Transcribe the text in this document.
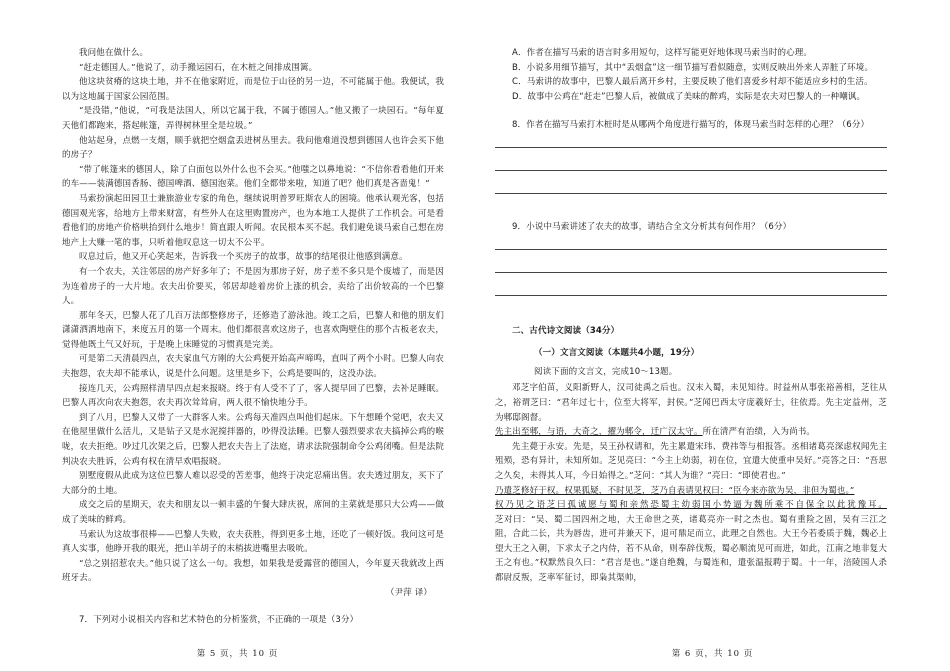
我问他在做什么。

“赶走德国人。”他说了，动手搬运园石，在木桩之间排成围篱。

他这块贫瘠的这块土地，并不在他家附近，而是位于山径的另一边，不可能属于他。我便试，我以为这地属于国家公园范围。

“是没错，”他说，“可我是法国人，所以它属于我，不属于德国人。”他又搬了一块园石。“每年夏天他们都跑来，搭起帐篷，弄得树林里全是垃圾。”

他站起身，点燃一支烟，顺手就把空烟盒丢进树丛里去。我问他难道没想到德国人也许会买下他的房子？

“带了帐篷来的德国人，除了白面包以外什么也不会买。”他嗤之以鼻地说：“不信你看看他们开来的车——装满德国香肠、德国啤酒、德国泡菜。他们全都带来啦，知道了吧？他们真是吝啬鬼！”

马索扮演起田园卫士兼旅游业专家的角色，继续说明普罗旺斯农人的困境。他承认观光客，包括德国观光客，给地方上带来财富，有些外人在这里购置房产，也为本地工人提供了工作机会。可是看看他们的房地产价格哄抬到什么地步！简直跟人听闻。农民根本买不起。我们避免谈马索自己想在房地产上大赚一笔的事，只听着他叹息这一切太不公平。

叹息过后，他又开心笑起来，告诉我一个买房子的故事，故事的结尾很让他感到满意。

有一个农夫，关注邻居的房产好多年了；不是因为那房子好，房子差不多只是个废墟了，而是因为连着房子的一大片地。农夫出价要买，邻居却趁着房价上涨的机会，卖给了出价较高的一个巴黎人。

那年冬天，巴黎人花了几百万法郎整修房子，还修造了游泳池。竣工之后，巴黎人和他的朋友们潇潇洒洒地南下，来度五月的第一个周末。他们都很喜欢这房子，也喜欢陶壁住的那个古板老农夫，觉得他既土气又好玩，于是晚上床睡觉的习惯真是完美。

可是第二天清晨四点，农夫家血气方刚的大公鸡便开始高声啼鸣，直叫了两个小时。巴黎人向农夫抱怨，农夫却不能承认，说是什么问题。这里是乡下，公鸡是要叫的，这没办法。

接连几天，公鸡照样清早四点起来报晓。终于有人受不了了，客人提早回了巴黎，去补足睡眠。巴黎人再次向农夫抱怨，农夫再次耸耸肩，两人很不愉快地分手。

到了八月，巴黎人又带了一大群客人来。公鸡每天准四点叫他们起床。下午想睡个觉吧，农夫又在他屋里做什么活儿，又是钻子又是水泥搅拌器的，吵得没法睡。巴黎人强烈要求农夫搞掉公鸡的喉咙，农夫拒绝。吵过几次架之后，巴黎人把农夫告上了法庭，请求法院强制命令公鸡闭嘴。但是法院判决农夫胜诉，公鸡有权在清早欢唱报晓。

别墅度假从此成为这位巴黎人难以忍受的苦差事，他终于决定忍痛出售。农夫透过朋友，买下了大部分的土地。

成交之后的星期天，农夫和朋友以一顿丰盛的午餐大肆庆祝，席间的主菜就是那只大公鸡——做成了美味的鲜鸡。

马索认为这故事很棒——巴黎人失败，农夫获胜，得到更多土地，还吃了一顿好饭。我问这可是真人实事，他睁开我的眼光，把山羊胡子的末梢拔进嘴里去吸吮。

“总之别招惹农夫。”他只说了这么一句。我想，如果我是爱露营的德国人，今年夏天我就改上西班牙去。

（尹萍 译）

7．下列对小说相关内容和艺术特色的分析鉴赏，不正确的一项是（3分）

第 5 页，共 10 页

A．作者在描写马索的语言时多用短句，这样写能更好地体现马索当时的心理。

B．小说多用细节描写，其中“丢烟盒”这一细节描写看似随意，实则反映出外来人弄脏了环境。

C．马索讲的故事中，巴黎人最后离开乡村，主要反映了他们喜爱乡村却不能适应乡村的生活。

D．故事中公鸡在“赶走”巴黎人后，被做成了美味的醉鸡，实际是农夫对巴黎人的一种嘲讽。

8．作者在描写马索打木桩时是从哪两个角度进行描写的，体现马索当时怎样的心理？（6分）

9．小说中马索讲述了农夫的故事，请结合全文分析其有何作用？（6分）

二、古代诗文阅读（34分）

（一）文言文阅读（本题共4小题，19分）

阅读下面的文言文，完成10～13题。

邓芝字伯苗，义阳新野人，汉司徒禹之后也。汉末入蜀，未见知待。时益州从事张裕善相，芝往从之，裕谓芝曰：“君年过七十，位至大将军，封侯。”芝闻巴西太守庞羲好士，往依焉。先主定益州，芝为郫邸阁督。

先主出至郫，与语，大奇之，擢为郫令，迁广汉太守。所在清严有治绩，入为尚书。

先主薨于永安。先是，吴王孙权请和，先主累遣宋玮、费祎等与相报答。丞相诸葛亮深虑权闻先主殂殒，恐有异计，未知所如。芝见亮曰：“今主上幼弱，初在位，宜遣大使重申吴好。”亮答之曰：“吾思之久矣，未得其人耳，今日始得之。”芝问：“其人为谁？”亮曰：“即使君也。”

乃遣芝修好于权。权果狐疑，不时见芝，芝乃自表请见权曰：“臣今来亦欲为吴，非但为蜀也。”

权乃见之语芝曰孤诚愿与蜀和亲然恐蜀主幼弱国小势逼为魏所乘不自保全以此犹豫耳。

芝对曰：“吴、蜀二国四州之地，大王命世之英，诸葛亮亦一时之杰也。蜀有重险之固，吴有三江之阻，合此二长，共为唇齿，进可并兼天下，退可鼎足而立，此理之自然也。大王今若委质于魏，魏必上望大王之入朝，下求太子之内侍，若不从命，则奉辞伐叛，蜀必顺流见可而进，如此，江南之地非复大王之有也。”权默然良久曰：“君言是也。”遂自绝魏，与蜀连和，遣张温报聘于蜀。十一年，涪陵国人杀都尉反叛，芝率军征讨，即枭其渠帅，

第 6 页，共 10 页
